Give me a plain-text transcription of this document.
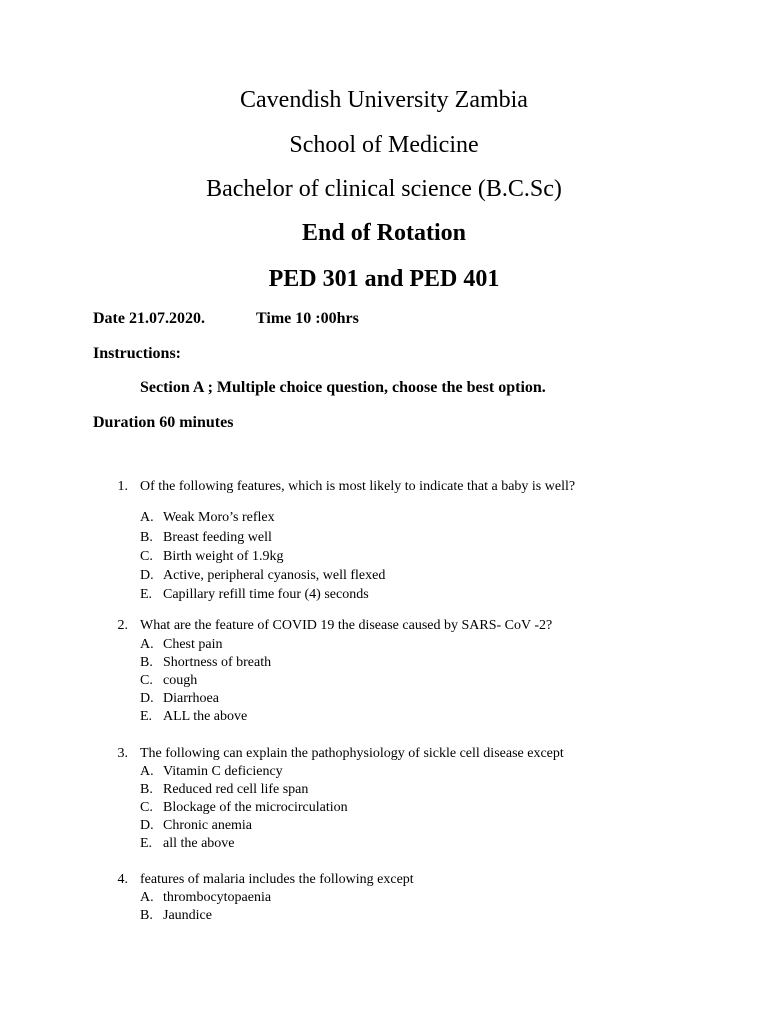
Cavendish University Zambia
School of Medicine
Bachelor of clinical science (B.C.Sc)
End of Rotation
PED 301 and PED 401
Date 21.07.2020.	Time 10 :00hrs
Instructions:
Section A ; Multiple choice question, choose the best option.
Duration 60 minutes
1. Of the following features, which is most likely to indicate that a baby is well?
A. Weak Moro’s reflex
B. Breast feeding well
C. Birth weight of 1.9kg
D. Active, peripheral cyanosis, well flexed
E. Capillary refill time four (4) seconds
2. What are the feature of COVID 19 the disease caused by SARS- CoV -2?
A. Chest pain
B. Shortness of breath
C. cough
D. Diarrhoea
E. ALL the above
3. The following can explain the pathophysiology of sickle cell disease except
A. Vitamin C deficiency
B. Reduced red cell life span
C. Blockage of the microcirculation
D. Chronic anemia
E. all the above
4. features of malaria includes the following except
A. thrombocytopaenia
B. Jaundice
